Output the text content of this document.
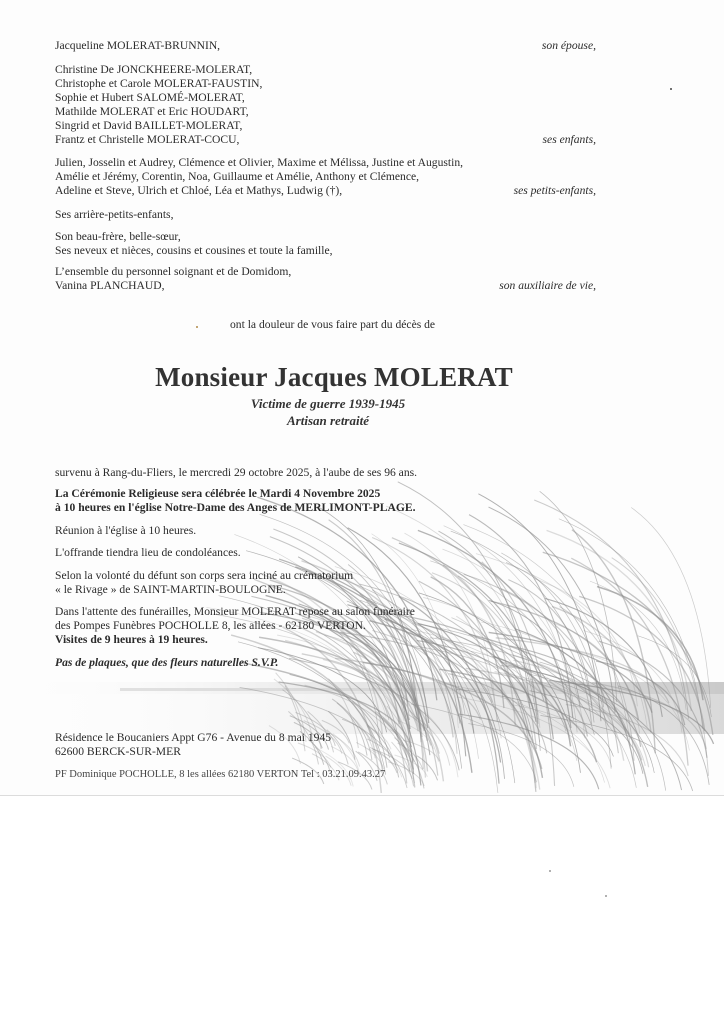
Jacqueline MOLERAT-BRUNNIN,	son épouse,
Christine De JONCKHEERE-MOLERAT,
Christophe et Carole MOLERAT-FAUSTIN,
Sophie et Hubert SALOMÉ-MOLERAT,
Mathilde MOLERAT et Eric HOUDART,
Singrid et David BAILLET-MOLERAT,
Frantz et Christelle MOLERAT-COCU,	ses enfants,
Julien, Josselin et Audrey, Clémence et Olivier, Maxime et Mélissa, Justine et Augustin,
Amélie et Jérémy, Corentin, Noa, Guillaume et Amélie, Anthony et Clémence,
Adeline et Steve, Ulrich et Chloé, Léa et Mathys, Ludwig (†),	ses petits-enfants,
Ses arrière-petits-enfants,
Son beau-frère, belle-sœur,
Ses neveux et nièces, cousins et cousines et toute la famille,
L’ensemble du personnel soignant et de Domidom,
Vanina PLANCHAUD,	son auxiliaire de vie,
ont la douleur de vous faire part du décès de
Monsieur Jacques MOLERAT
Victime de guerre 1939-1945
Artisan retraité
survenu à Rang-du-Fliers, le mercredi 29 octobre 2025, à l'aube de ses 96 ans.
La Cérémonie Religieuse sera célébrée le Mardi 4 Novembre 2025
à 10 heures en l'église Notre-Dame des Anges de MERLIMONT-PLAGE.
Réunion à l'église à 10 heures.
L'offrande tiendra lieu de condoléances.
Selon la volonté du défunt son corps sera inciné au crématorium
« le Rivage » de SAINT-MARTIN-BOULOGNE.
Dans l'attente des funérailles, Monsieur MOLERAT repose au salon funéraire
des Pompes Funèbres POCHOLLE 8, les allées - 62180 VERTON.
Visites de 9 heures à 19 heures.
Pas de plaques, que des fleurs naturelles S.V.P.
Résidence le Boucaniers Appt G76 - Avenue du 8 mai 1945
62600 BERCK-SUR-MER
PF Dominique POCHOLLE, 8 les allées 62180 VERTON Tel : 03.21.09.43.27
